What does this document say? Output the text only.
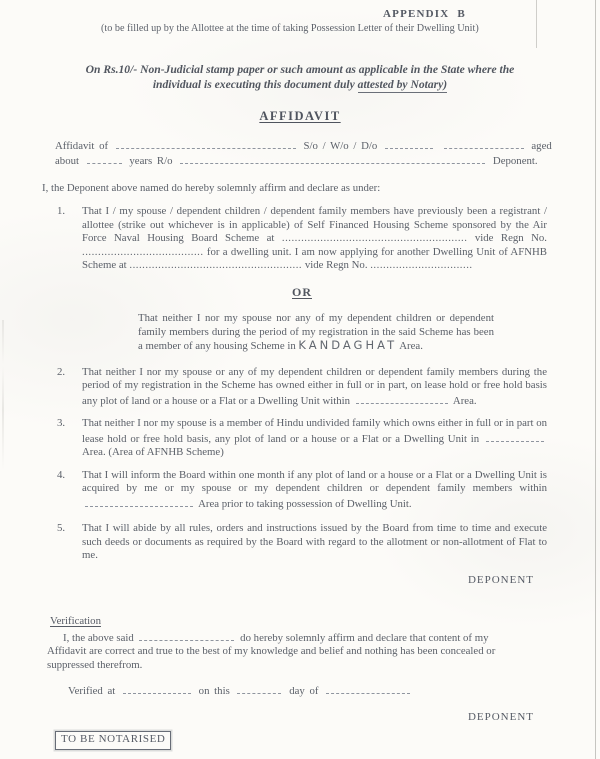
APPENDIX B
(to be filled up by the Allottee at the time of taking Possession Letter of their Dwelling Unit)
On Rs.10/- Non-Judicial stamp paper or such amount as applicable in the State where the
individual is executing this document duly attested by Notary)
AFFIDAVIT
Affidavit of	S/o / W/o / D/o	aged
about	years R/o	Deponent.
I, the Deponent above named do hereby solemnly affirm and declare as under:
1.	That I / my spouse / dependent children / dependent family members have previously been a registrant / allottee (strike out whichever is in applicable) of Self Financed Housing Scheme sponsored by the Air Force Naval Housing Board Scheme at .......................................................... vide Regn No. ...................................... for a dwelling unit. I am now applying for another Dwelling Unit of AFNHB Scheme at ...................................................... vide Regn No. ................................
OR
That neither I nor my spouse nor any of my dependent children or dependent family members during the period of my registration in the said Scheme has been a member of any housing Scheme in KANDAGHAT Area.
2.	That neither I nor my spouse or any of my dependent children or dependent family members during the period of my registration in the Scheme has owned either in full or in part, on lease hold or free hold basis any plot of land or a house or a Flat or a Dwelling Unit within	Area.
3.	That neither I nor my spouse is a member of Hindu undivided family which owns either in full or in part on lease hold or free hold basis, any plot of land or a house or a Flat or a Dwelling Unit in  Area. (Area of AFNHB Scheme)
4.	That I will inform the Board within one month if any plot of land or a house or a Flat or a Dwelling Unit is acquired by me or my spouse or my dependent children or dependent family members within  Area prior to taking possession of Dwelling Unit.
5.	That I will abide by all rules, orders and instructions issued by the Board from time to time and execute such deeds or documents as required by the Board with regard to the allotment or non-allotment of Flat to me.
DEPONENT
Verification
I, the above said	do hereby solemnly affirm and declare that content of my Affidavit are correct and true to the best of my knowledge and belief and nothing has been concealed or suppressed therefrom.
Verified at	on this	day of
DEPONENT
TO BE NOTARISED
